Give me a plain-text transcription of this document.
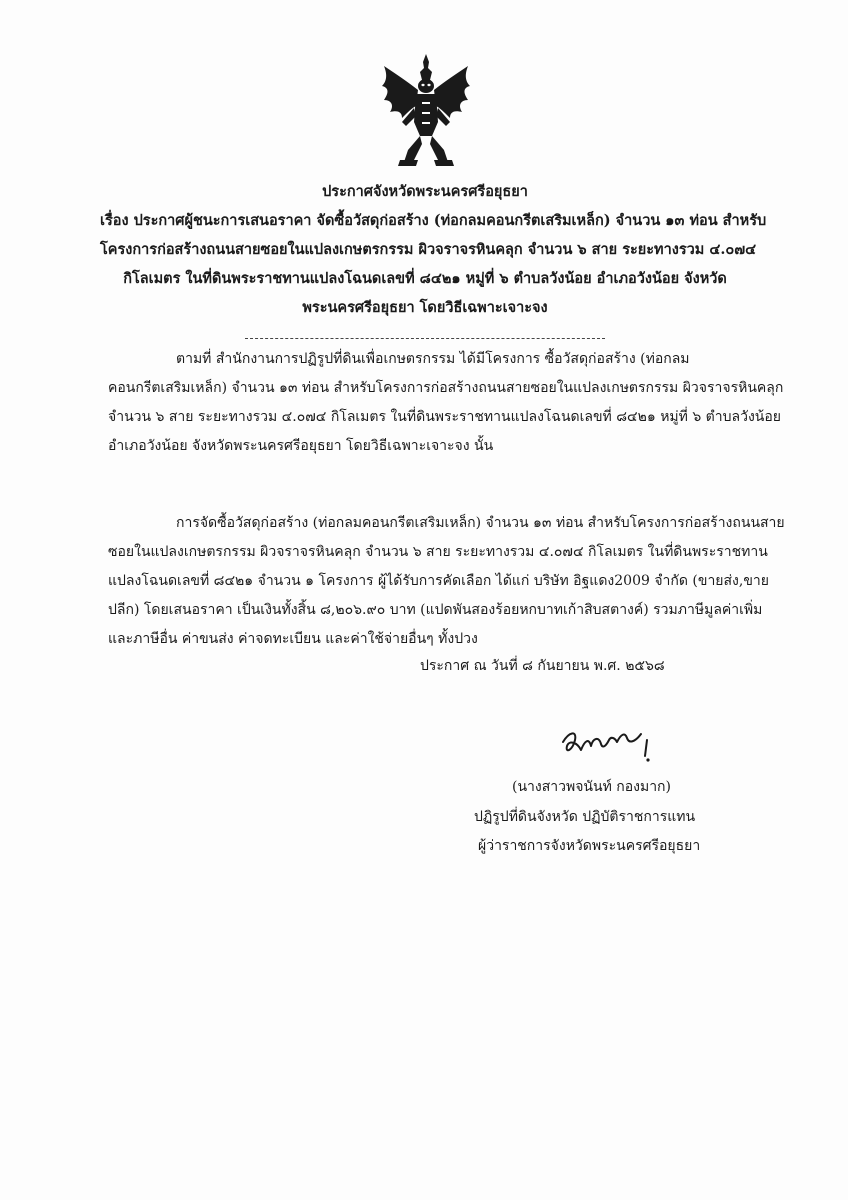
ประกาศจังหวัดพระนครศรีอยุธยา
เรื่อง ประกาศผู้ชนะการเสนอราคา จัดซื้อวัสดุก่อสร้าง (ท่อกลมคอนกรีตเสริมเหล็ก) จำนวน ๑๓ ท่อน สำหรับ
โครงการก่อสร้างถนนสายซอยในแปลงเกษตรกรรม ผิวจราจรหินคลุก จำนวน ๖ สาย ระยะทางรวม ๔.๐๗๔
กิโลเมตร ในที่ดินพระราชทานแปลงโฉนดเลขที่ ๘๔๒๑ หมู่ที่ ๖ ตำบลวังน้อย อำเภอวังน้อย จังหวัด
พระนครศรีอยุธยา โดยวิธีเฉพาะเจาะจง
ตามที่ สำนักงานการปฏิรูปที่ดินเพื่อเกษตรกรรม ได้มีโครงการ ซื้อวัสดุก่อสร้าง (ท่อกลม
คอนกรีตเสริมเหล็ก) จำนวน ๑๓ ท่อน สำหรับโครงการก่อสร้างถนนสายซอยในแปลงเกษตรกรรม ผิวจราจรหินคลุก
จำนวน ๖ สาย ระยะทางรวม ๔.๐๗๔ กิโลเมตร ในที่ดินพระราชทานแปลงโฉนดเลขที่ ๘๔๒๑ หมู่ที่ ๖ ตำบลวังน้อย
อำเภอวังน้อย จังหวัดพระนครศรีอยุธยา โดยวิธีเฉพาะเจาะจง นั้น
การจัดซื้อวัสดุก่อสร้าง (ท่อกลมคอนกรีตเสริมเหล็ก) จำนวน ๑๓ ท่อน สำหรับโครงการก่อสร้างถนนสาย
ซอยในแปลงเกษตรกรรม ผิวจราจรหินคลุก จำนวน ๖ สาย ระยะทางรวม ๔.๐๗๔ กิโลเมตร ในที่ดินพระราชทาน
แปลงโฉนดเลขที่ ๘๔๒๑ จำนวน ๑ โครงการ ผู้ได้รับการคัดเลือก ได้แก่ บริษัท อิฐแดง2009 จำกัด (ขายส่ง,ขาย
ปลีก) โดยเสนอราคา เป็นเงินทั้งสิ้น ๘,๒๐๖.๙๐ บาท (แปดพันสองร้อยหกบาทเก้าสิบสตางค์) รวมภาษีมูลค่าเพิ่ม
และภาษีอื่น ค่าขนส่ง ค่าจดทะเบียน และค่าใช้จ่ายอื่นๆ ทั้งปวง
ประกาศ ณ วันที่ ๘ กันยายน พ.ศ. ๒๕๖๘
(นางสาวพจนันท์ กองมาก)
ปฏิรูปที่ดินจังหวัด ปฏิบัติราชการแทน
ผู้ว่าราชการจังหวัดพระนครศรีอยุธยา
